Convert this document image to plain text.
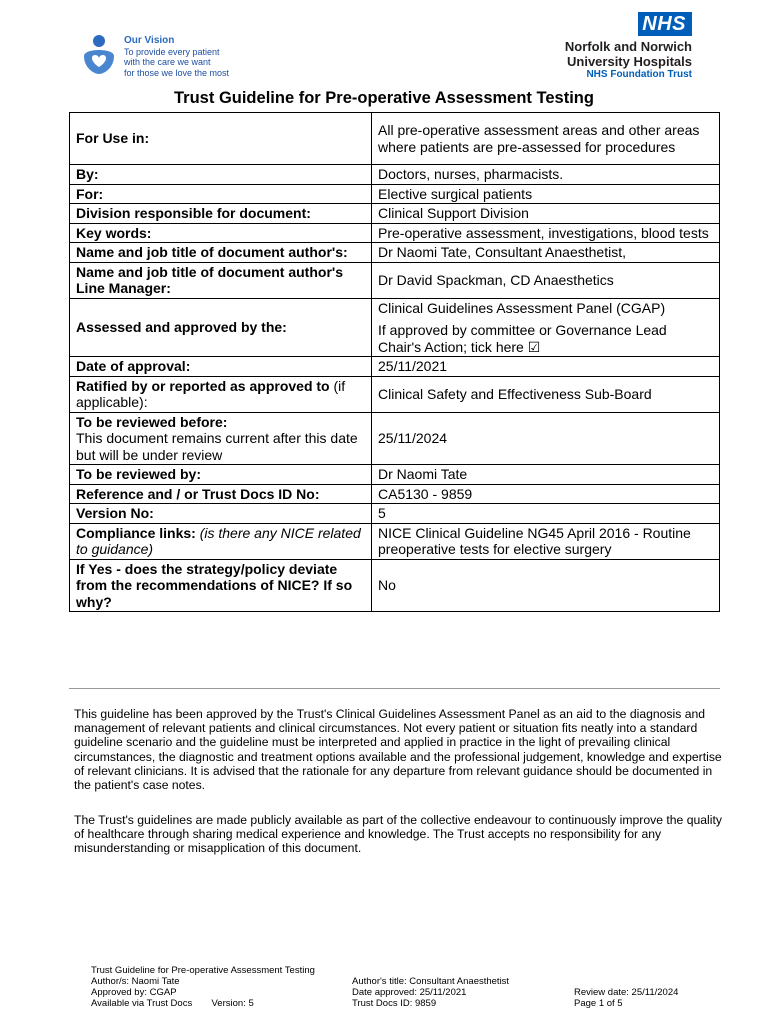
Our Vision
To provide every patient
with the care we want
for those we love the most
NHS
Norfolk and Norwich
University Hospitals
NHS Foundation Trust
Trust Guideline for Pre-operative Assessment Testing
For Use in:	All pre-operative assessment areas and other areas where patients are pre-assessed for procedures
By:	Doctors, nurses, pharmacists.
For:	Elective surgical patients
Division responsible for document:	Clinical Support Division
Key words:	Pre-operative assessment, investigations, blood tests
Name and job title of document author's:	Dr Naomi Tate, Consultant Anaesthetist,
Name and job title of document author's Line Manager:	Dr David Spackman, CD Anaesthetics
Assessed and approved by the:	Clinical Guidelines Assessment Panel (CGAP)
If approved by committee or Governance Lead Chair's Action; tick here ☑

Date of approval:	25/11/2021
Ratified by or reported as approved to (if applicable):	Clinical Safety and Effectiveness Sub-Board

To be reviewed before:
This document remains current after this date but will be under review	25/11/2024
To be reviewed by:	Dr Naomi Tate
Reference and / or Trust Docs ID No:	CA5130 - 9859
Version No:	5
Compliance links: (is there any NICE related to guidance)	NICE Clinical Guideline NG45 April 2016 - Routine preoperative tests for elective surgery
If Yes - does the strategy/policy deviate from the recommendations of NICE? If so why?	No
This guideline has been approved by the Trust's Clinical Guidelines Assessment Panel as an aid to the diagnosis and management of relevant patients and clinical circumstances. Not every patient or situation fits neatly into a standard guideline scenario and the guideline must be interpreted and applied in practice in the light of prevailing clinical circumstances, the diagnostic and treatment options available and the professional judgement, knowledge and expertise of relevant clinicians. It is advised that the rationale for any departure from relevant guidance should be documented in the patient's case notes.
The Trust's guidelines are made publicly available as part of the collective endeavour to continuously improve the quality of healthcare through sharing medical experience and knowledge. The Trust accepts no responsibility for any misunderstanding or misapplication of this document.
Trust Guideline for Pre-operative Assessment Testing
Author/s: Naomi Tate
Approved by: CGAP
Available via Trust Docs Version: 5
Author's title: Consultant Anaesthetist
Date approved: 25/11/2021
Trust Docs ID: 9859
Review date: 25/11/2024
Page 1 of 5
